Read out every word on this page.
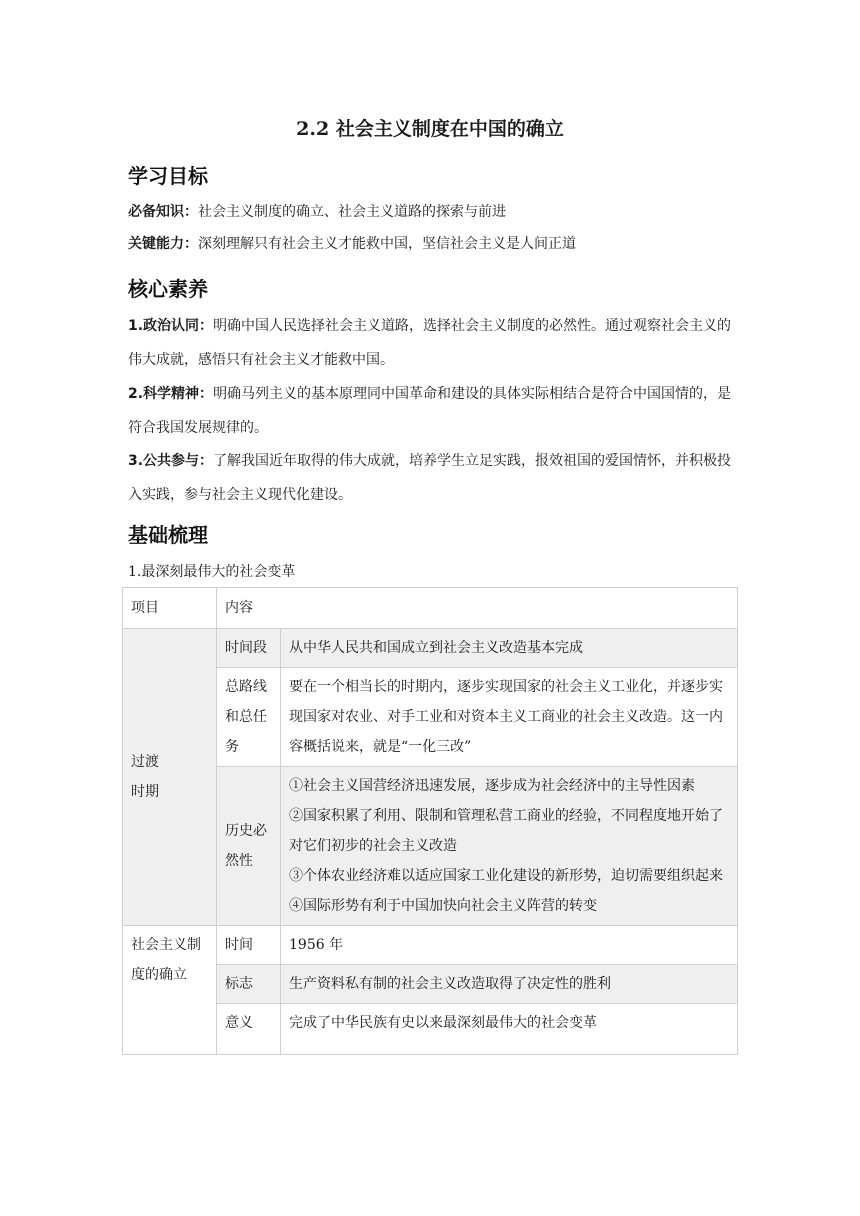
2.2 社会主义制度在中国的确立
学习目标
必备知识：社会主义制度的确立、社会主义道路的探索与前进
关键能力：深刻理解只有社会主义才能救中国，坚信社会主义是人间正道
核心素养
1.政治认同：明确中国人民选择社会主义道路，选择社会主义制度的必然性。通过观察社会主义的伟大成就，感悟只有社会主义才能救中国。
2.科学精神：明确马列主义的基本原理同中国革命和建设的具体实际相结合是符合中国国情的，是符合我国发展规律的。
3.公共参与：了解我国近年取得的伟大成就，培养学生立足实践，报效祖国的爱国情怀，并积极投入实践，参与社会主义现代化建设。
基础梳理
1.最深刻最伟大的社会变革
项目	内容	
过渡
时期	时间段	从中华人民共和国成立到社会主义改造基本完成
	总路线和总任务	要在一个相当长的时期内，逐步实现国家的社会主义工业化，并逐步实现国家对农业、对手工业和对资本主义工商业的社会主义改造。这一内容概括说来，就是“一化三改”
	历史必然性	①社会主义国营经济迅速发展，逐步成为社会经济中的主导性因素
②国家积累了利用、限制和管理私营工商业的经验，不同程度地开始了对它们初步的社会主义改造
③个体农业经济难以适应国家工业化建设的新形势，迫切需要组织起来
④国际形势有利于中国加快向社会主义阵营的转变

社会主义制度的确立	时间	1956 年
	标志	生产资料私有制的社会主义改造取得了决定性的胜利
	意义	完成了中华民族有史以来最深刻最伟大的社会变革
